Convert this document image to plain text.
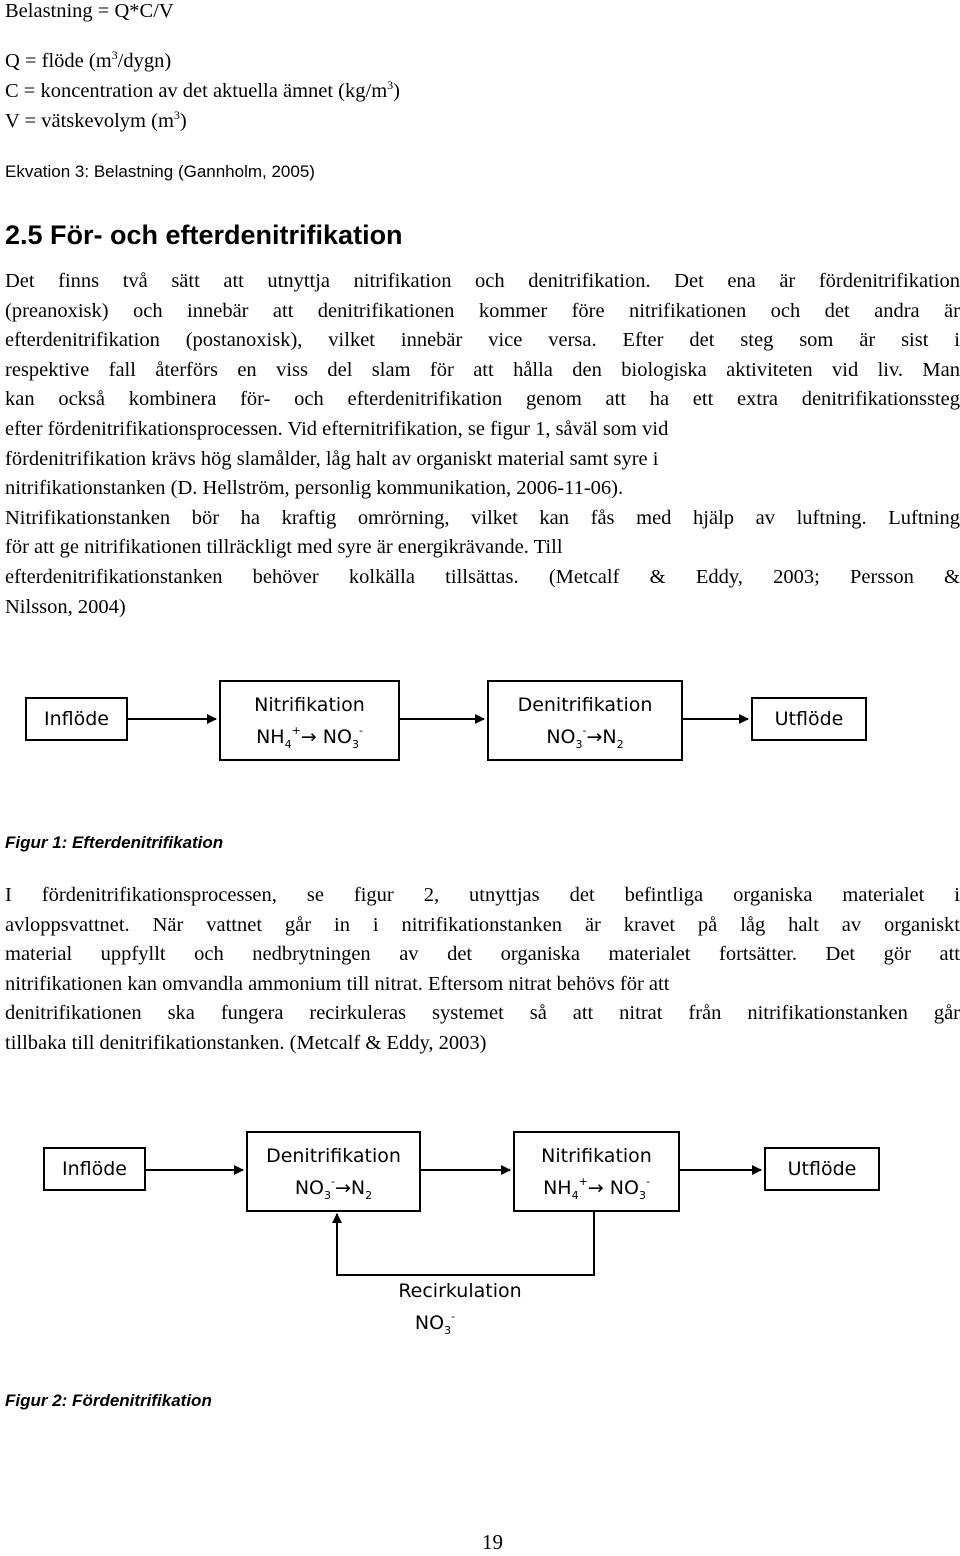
Belastning = Q*C/V
Q = flöde $(m^3/dygn)$
C = koncentration av det aktuella ämnet $(kg/m^3)$
V = vätskevolym $(m^3)$
Ekvation 3: Belastning (Gannholm, 2005)
2.5 För- och efterdenitrifikation
Det finns två sätt att utnyttja nitrifikation och denitrifikation. Det ena är fördenitrifikation
(preanoxisk) och innebär att denitrifikationen kommer före nitrifikationen och det andra är
efterdenitrifikation (postanoxisk), vilket innebär vice versa. Efter det steg som är sist i
respektive fall återförs en viss del slam för att hålla den biologiska aktiviteten vid liv. Man
kan också kombinera för- och efterdenitrifikation genom att ha ett extra denitrifikationssteg
efter fördenitrifikationsprocessen. Vid efternitrifikation, se figur 1, såväl som vid
fördenitrifikation krävs hög slamålder, låg halt av organiskt material samt syre i
nitrifikationstanken (D. Hellström, personlig kommunikation, 2006-11-06).
Nitrifikationstanken bör ha kraftig omrörning, vilket kan fås med hjälp av luftning. Luftning
för att ge nitrifikationen tillräckligt med syre är energikrävande. Till
efterdenitrifikationstanken behöver kolkälla tillsättas. (Metcalf & Eddy, 2003; Persson &
Nilsson, 2004)
Inflöde
Nitrifikation
$NH_4^+\to NO_3^-$
Denitrifikation
$NO_3^-\to N_2$
Utflöde
Figur 1: Efterdenitrifikation
I fördenitrifikationsprocessen, se figur 2, utnyttjas det befintliga organiska materialet i
avloppsvattnet. När vattnet går in i nitrifikationstanken är kravet på låg halt av organiskt
material uppfyllt och nedbrytningen av det organiska materialet fortsätter. Det gör att
nitrifikationen kan omvandla ammonium till nitrat. Eftersom nitrat behövs för att
denitrifikationen ska fungera recirkuleras systemet så att nitrat från nitrifikationstanken går
tillbaka till denitrifikationstanken. (Metcalf & Eddy, 2003)
Inflöde
Denitrifikation
$NO_3^-\to N_2$
Nitrifikation
$NH_4^+\to NO_3^-$
Utflöde
Recirkulation
$NO_3^-$
Figur 2: Fördenitrifikation
19
